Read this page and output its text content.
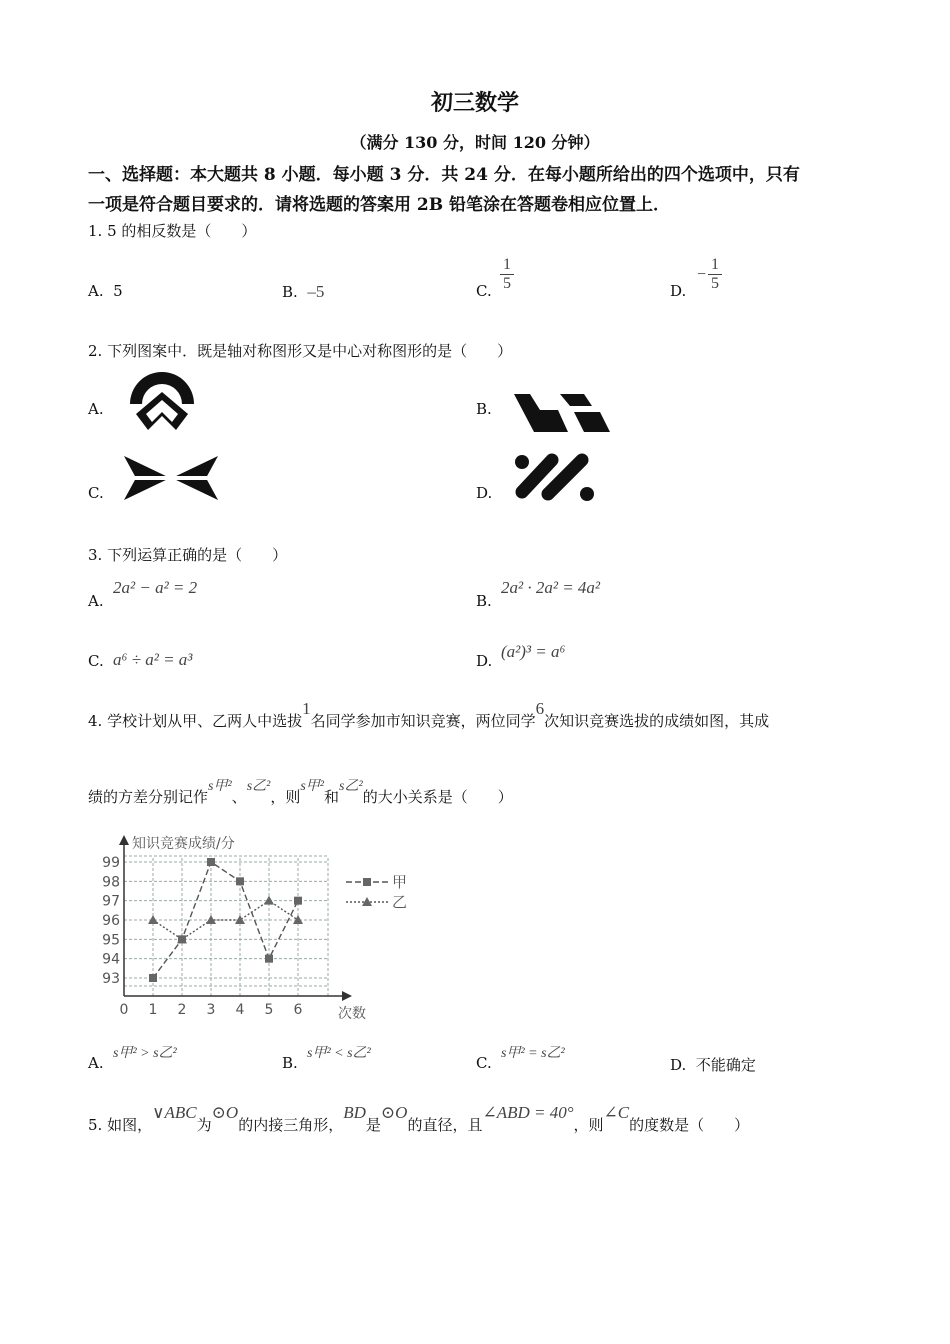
初三数学
（满分 130 分，时间 120 分钟）
一、选择题：本大题共 8 小题．每小题 3 分．共 24 分．在每小题所给出的四个选项中，只有
一项是符合题目要求的．请将选题的答案用 2B 铅笔涂在答题卷相应位置上．
1. 5 的相反数是（　　）
A. 5	B. –5	C.
1
5	D.
−
1
5
2. 下列图案中．既是轴对称图形又是中心对称图形的是（　　）
A.	B.
C.	D.
3. 下列运算正确的是（　　）
A.
2a² − a² = 2
B.
2a² · 2a² = 4a²
C. a⁶ ÷ a² = a³	D. (a²)³ = a⁶
4. 学校计划从甲、乙两人中选拔1名同学参加市知识竞赛，两位同学6次知识竞赛选拔的成绩如图，其成
绩的方差分别记作s甲²、s乙²，则s甲²和s乙²的大小关系是（　　）
知识竞赛成绩/分
次数
93
94
95
96
97
98
99
0 1 2 3 4 5 6
甲
乙
A.
s甲² > s乙²
B.
s甲² < s乙²
C.
s甲² = s乙²
D. 不能确定
5. 如图，∨ABC为⊙O的内接三角形，BD是⊙O的直径，且∠ABD = 40°，则∠C的度数是（　　）
